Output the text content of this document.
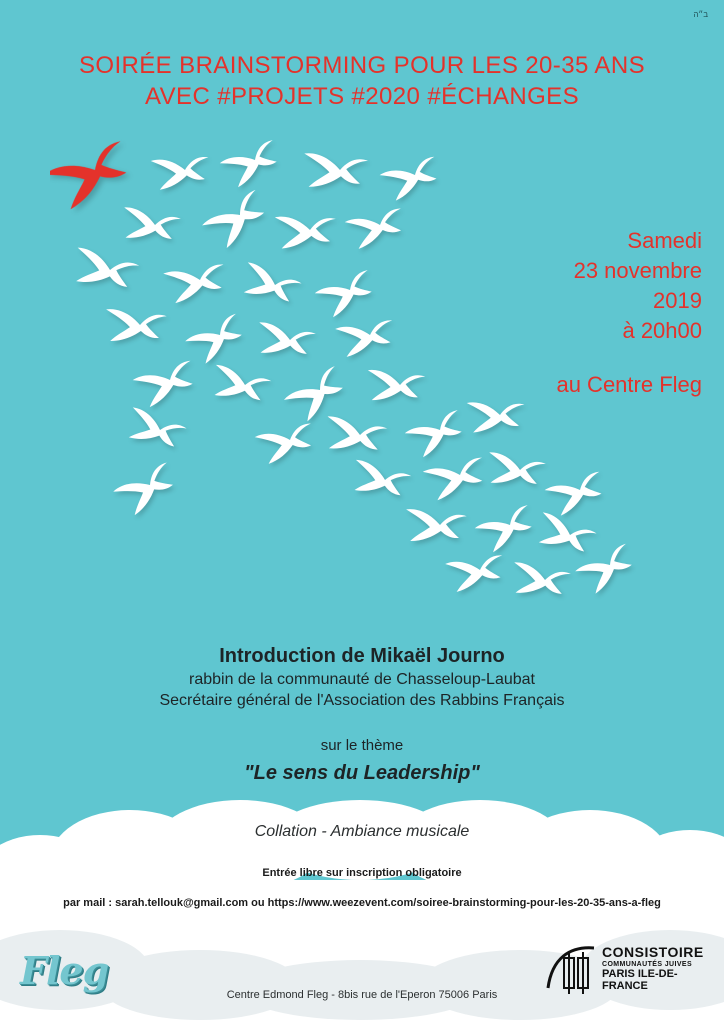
ב״ה
SOIRÉE BRAINSTORMING POUR LES 20-35 ANS
AVEC #PROJETS #2020 #ÉCHANGES
Samedi
23 novembre
2019
à 20h00
au Centre Fleg
Introduction de Mikaël Journo
rabbin de la communauté de Chasseloup-Laubat
Secrétaire général de l'Association des Rabbins Français
sur le thème
"Le sens du Leadership"
Collation - Ambiance musicale
Entrée libre sur inscription obligatoire
par mail : sarah.tellouk@gmail.com ou https://www.weezevent.com/soiree-brainstorming-pour-les-20-35-ans-a-fleg
Centre Edmond Fleg - 8bis rue de l'Eperon 75006 Paris
Fleg	CONSISTOIRE
COMMUNAUTÉS JUIVES
PARIS ILE-DE-FRANCE
